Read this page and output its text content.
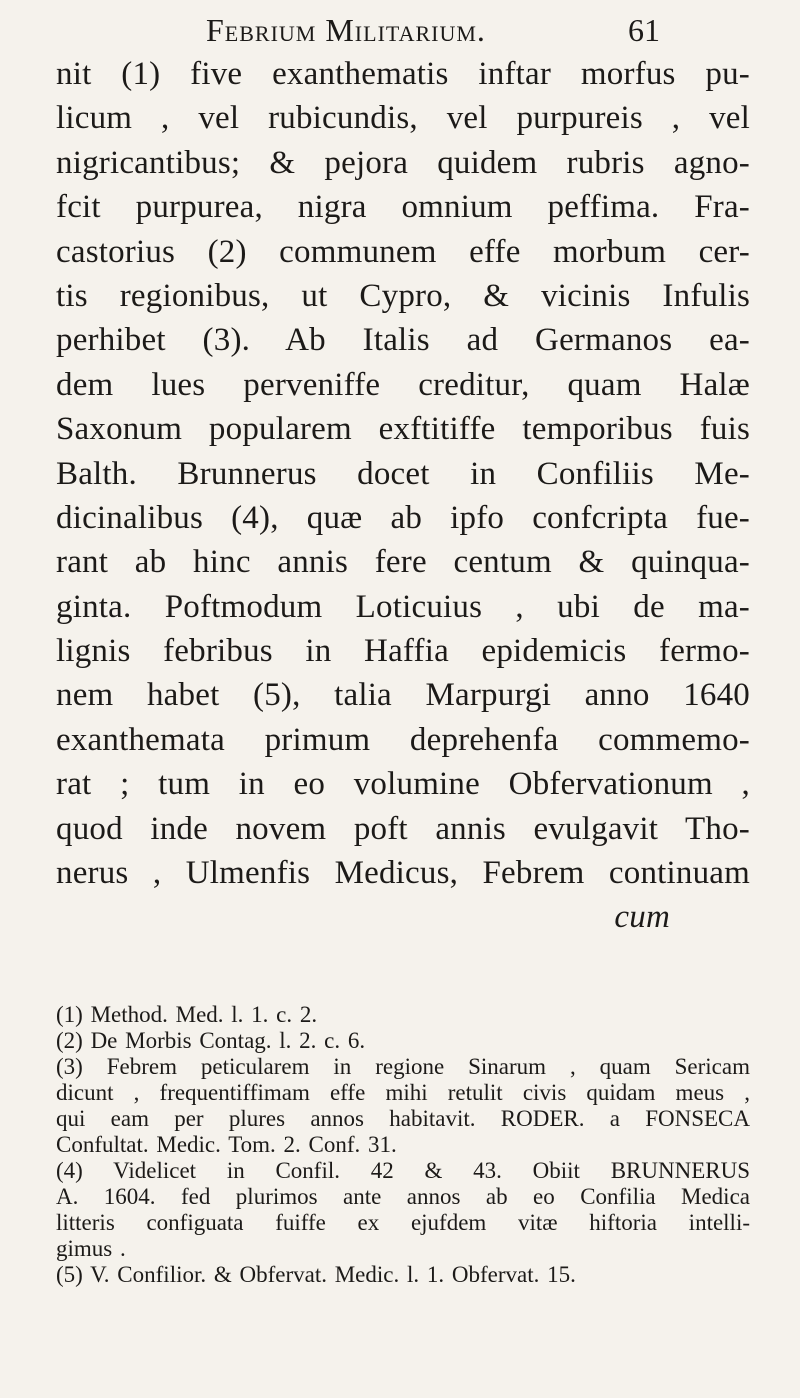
Febrium Militarium.	61
nit (1) five exanthematis inftar morfus pu-
licum , vel rubicundis, vel purpureis , vel
nigricantibus; & pejora quidem rubris agno-
fcit purpurea, nigra omnium peffima. Fra-
castorius (2) communem effe morbum cer-
tis regionibus, ut Cypro, & vicinis Infulis
perhibet (3). Ab Italis ad Germanos ea-
dem lues perveniffe creditur, quam Halæ
Saxonum popularem exftitiffe temporibus fuis
Balth. Brunnerus docet in Confiliis Me-
dicinalibus (4), quæ ab ipfo confcripta fue-
rant ab hinc annis fere centum & quinqua-
ginta. Poftmodum Loticuius , ubi de ma-
lignis febribus in Haffia epidemicis fermo-
nem habet (5), talia Marpurgi anno 1640
exanthemata primum deprehenfa commemo-
rat ; tum in eo volumine Obfervationum ,
quod inde novem poft annis evulgavit Tho-
nerus , Ulmenfis Medicus, Febrem continuam
cum
(1) Method. Med. l. 1. c. 2.
(2) De Morbis Contag. l. 2. c. 6.
(3) Febrem peticularem in regione Sinarum , quam Sericam
dicunt , frequentiffimam effe mihi retulit civis quidam meus ,
qui eam per plures annos habitavit. RODER. a FONSECA
Confultat. Medic. Tom. 2. Conf. 31.
(4) Videlicet in Confil. 42 & 43. Obiit BRUNNERUS
A. 1604. fed plurimos ante annos ab eo Confilia Medica
litteris configuata fuiffe ex ejufdem vitæ hiftoria intelli-
gimus .
(5) V. Confilior. & Obfervat. Medic. l. 1. Obfervat. 15.
